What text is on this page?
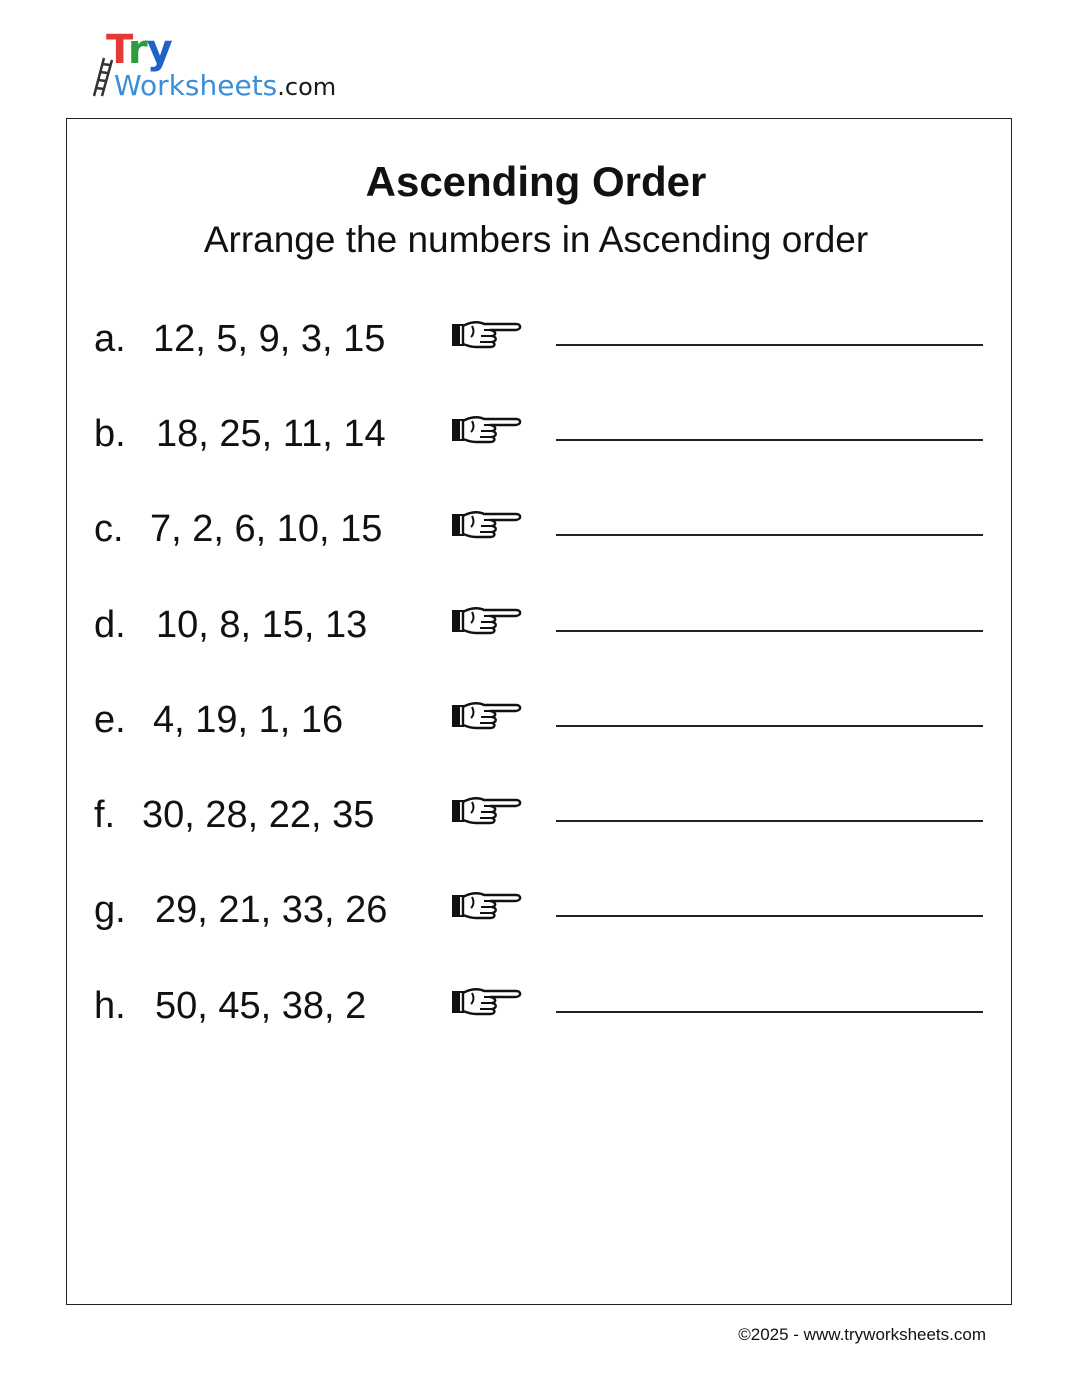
Try
Worksheets.com
Ascending Order
Arrange the numbers in Ascending order
a. 12, 5, 9, 3, 15
b. 18, 25, 11, 14
c. 7, 2, 6, 10, 15
d. 10, 8, 15, 13
e. 4, 19, 1, 16
f. 30, 28, 22, 35
g. 29, 21, 33, 26
h. 50, 45, 38, 2
©2025 - www.tryworksheets.com
